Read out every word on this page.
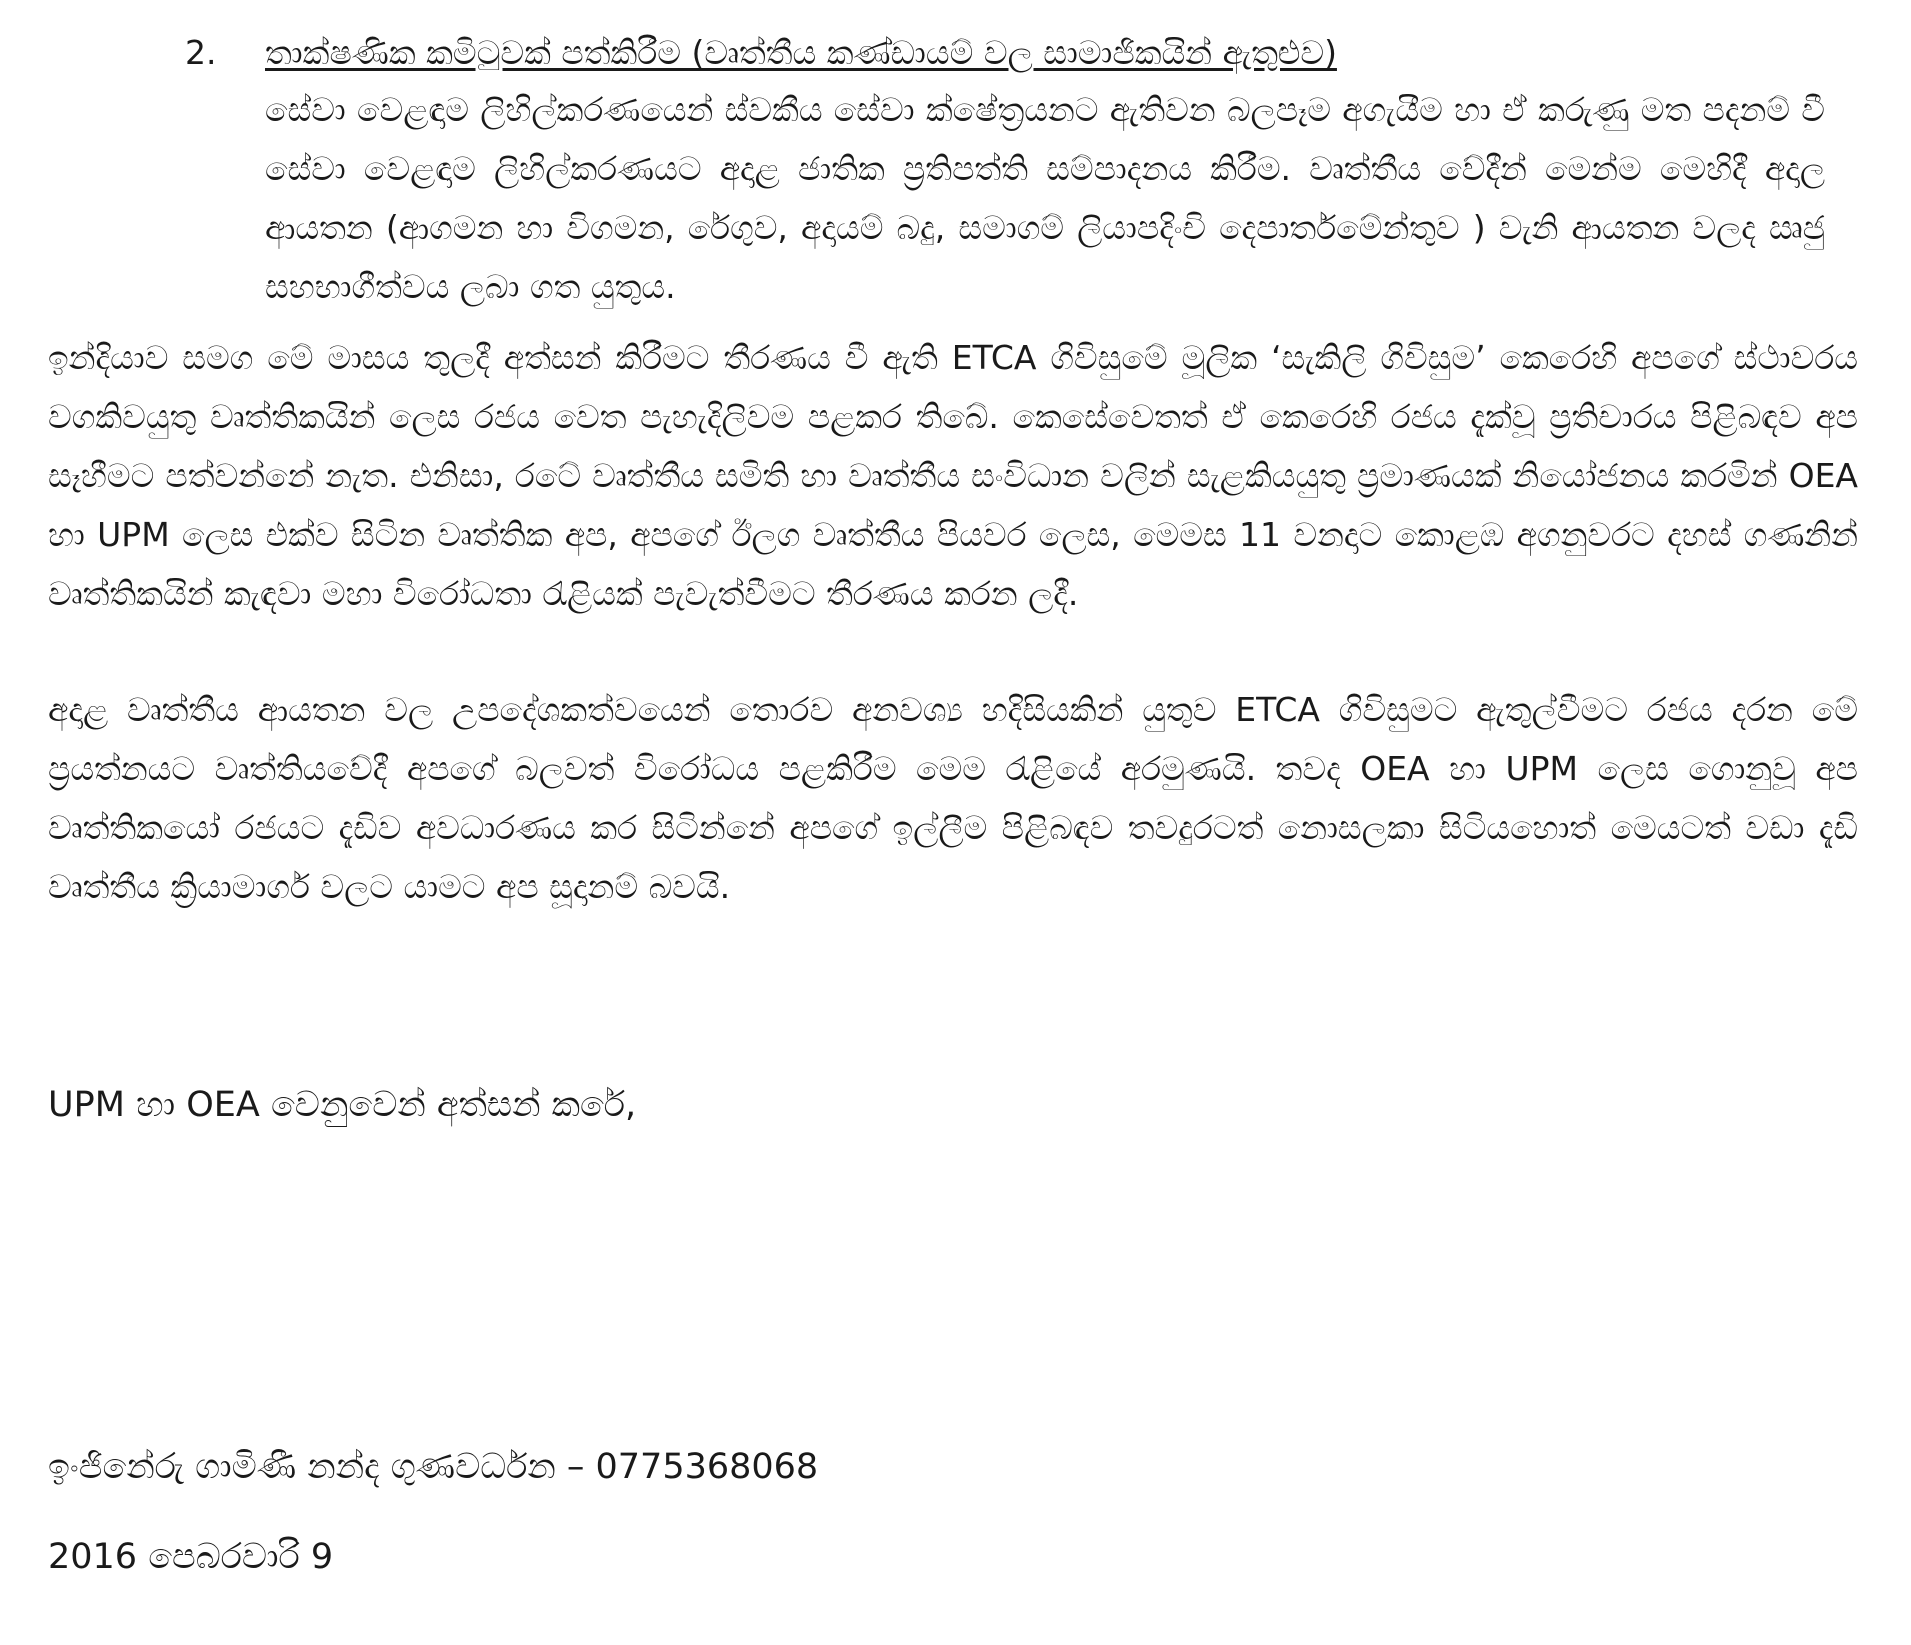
2. තාක්ෂණික කමිටුවක් පත්කිරීම (වෘත්තීය කණ්ඩායම් වල සාමාජිකයින් ඇතුළුව)
සේවා වෙළඳාම ලිහිල්කරණයෙන් ස්වකීය සේවා ක්ෂේත්‍රයනට ඇතිවන බලපෑම අගැයීම හා ඒ කරුණු මත පදනම් වී සේවා වෙළඳාම ලිහිල්කරණයට අදාළ ජාතික ප්‍රතිපත්ති සම්පාදනය කිරීම. වෘත්තීය වේදීන් මෙන්ම මෙහිදී අදාල ආයතන (ආගමන හා විගමන, රේගුව, අදායම් බදු, සමාගම් ලියාපදිංචි දෙපාර්තමේන්තුව ) වැනි ආයතන වලද ඍජු සහභාගීත්වය ලබා ගත යුතුය.
ඉන්දියාව සමග මේ මාසය තුලදී අත්සන් කිරීමට තීරණය වී ඇති ETCA ගිවිසුමේ මූලික ‘සැකිලි ගිවිසුම’ කෙරෙහි අපගේ ස්ථාවරය වගකිවයුතු වෘත්තිකයින් ලෙස රජය වෙත පැහැදිලිවම පළකර තිබේ. කෙසේවෙතත් ඒ කෙරෙහි රජය දැක්වූ ප්‍රතිචාරය පිළිබඳව අප සෑහීමට පත්වන්නේ නැත. එනිසා, රටේ වෘත්තීය සමිති හා වෘත්තීය සංවිධාන වලින් සැළකියයුතු ප්‍රමාණයක් නියෝජනය කරමින් OEA හා UPM ලෙස එක්ව සිටින වෘත්තික අප, අපගේ ඊලග වෘත්තීය පියවර ලෙස, මෙමස 11 වනදාට කොළඹ අගනුවරට දහස් ගණනින් වෘත්තිකයින් කැඳවා මහා විරෝධතා රැළියක් පැවැත්වීමට තීරණය කරන ලදී.
අදාළ වෘත්තීය ආයතන වල උපදේශකත්වයෙන් තොරව අනවශ්‍ය හදිසියකින් යුතුව ETCA ගිවිසුමට ඇතුල්වීමට රජය දරන මේ ප්‍රයත්නයට වෘත්තියවේදී අපගේ බලවත් විරෝධය පළකිරීම මෙම රැළියේ අරමුණයි. තවද OEA හා UPM ලෙස ගොනුවූ අප වෘත්තිකයෝ රජයට දැඩිව අවධාරණය කර සිටින්නේ අපගේ ඉල්ලීම පිළිබඳව තවදුරටත් නොසලකා සිටියහොත් මෙයටත් වඩා දැඩි වෘත්තීය ක්‍රියාමාර්ග වලට යාමට අප සූදානම් බවයි.
UPM හා OEA වෙනුවෙන් අත්සන් කරේ,
ඉංජිනේරු ගාමිණී නන්ද ගුණවර්ධන – 0775368068
2016 පෙබරවාරි 9
